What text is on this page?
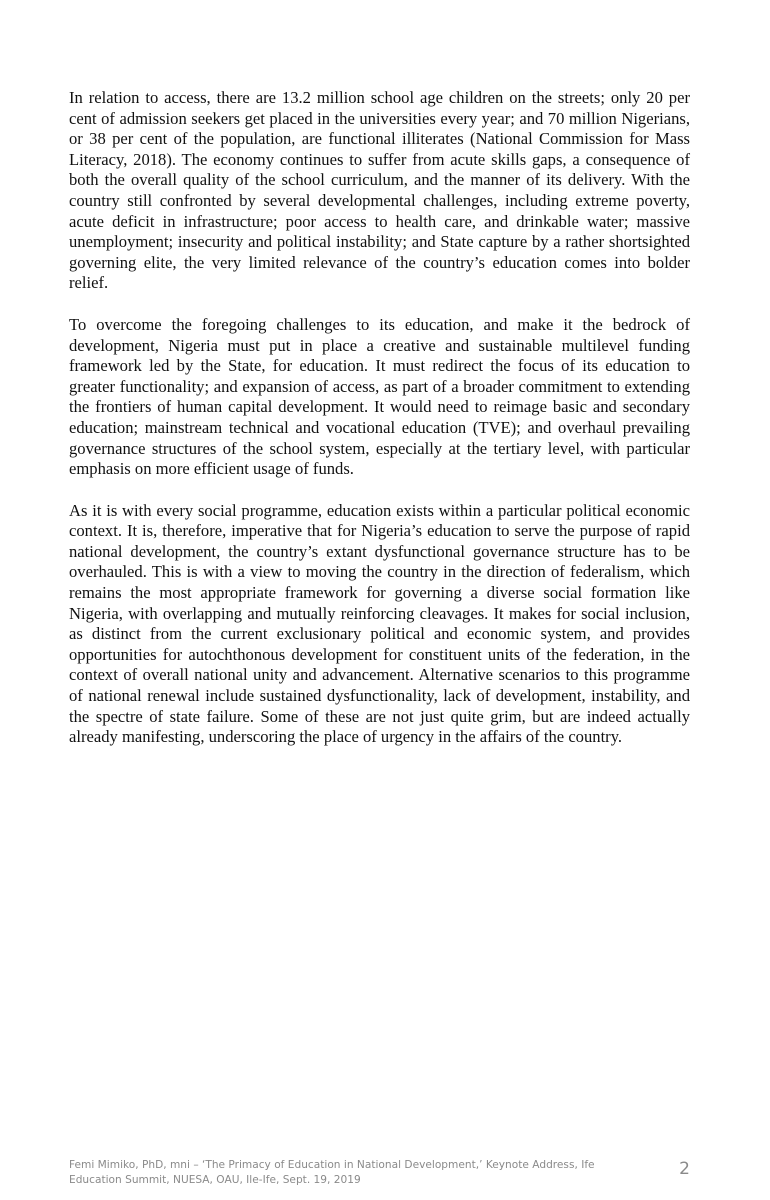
In relation to access, there are 13.2 million school age children on the streets; only 20 per cent of admission seekers get placed in the universities every year; and 70 million Nigerians, or 38 per cent of the population, are functional illiterates (National Commission for Mass Literacy, 2018). The economy continues to suffer from acute skills gaps, a consequence of both the overall quality of the school curriculum, and the manner of its delivery. With the country still confronted by several developmental challenges, including extreme poverty, acute deficit in infrastructure; poor access to health care, and drinkable water; massive unemployment; insecurity and political instability; and State capture by a rather shortsighted governing elite, the very limited relevance of the country’s education comes into bolder relief.

To overcome the foregoing challenges to its education, and make it the bedrock of development, Nigeria must put in place a creative and sustainable multilevel funding framework led by the State, for education. It must redirect the focus of its education to greater functionality; and expansion of access, as part of a broader commitment to extending the frontiers of human capital development. It would need to reimage basic and secondary education; mainstream technical and vocational education (TVE); and overhaul prevailing governance structures of the school system, especially at the tertiary level, with particular emphasis on more efficient usage of funds.

As it is with every social programme, education exists within a particular political economic context. It is, therefore, imperative that for Nigeria’s education to serve the purpose of rapid national development, the country’s extant dysfunctional governance structure has to be overhauled. This is with a view to moving the country in the direction of federalism, which remains the most appropriate framework for governing a diverse social formation like Nigeria, with overlapping and mutually reinforcing cleavages. It makes for social inclusion, as distinct from the current exclusionary political and economic system, and provides opportunities for autochthonous development for constituent units of the federation, in the context of overall national unity and advancement. Alternative scenarios to this programme of national renewal include sustained dysfunctionality, lack of development, instability, and the spectre of state failure. Some of these are not just quite grim, but are indeed actually already manifesting, underscoring the place of urgency in the affairs of the country.

Femi Mimiko, PhD, mni – ‘The Primacy of Education in National Development,’ Keynote Address, Ife Education Summit, NUESA, OAU, Ile-Ife, Sept. 19, 2019
2
